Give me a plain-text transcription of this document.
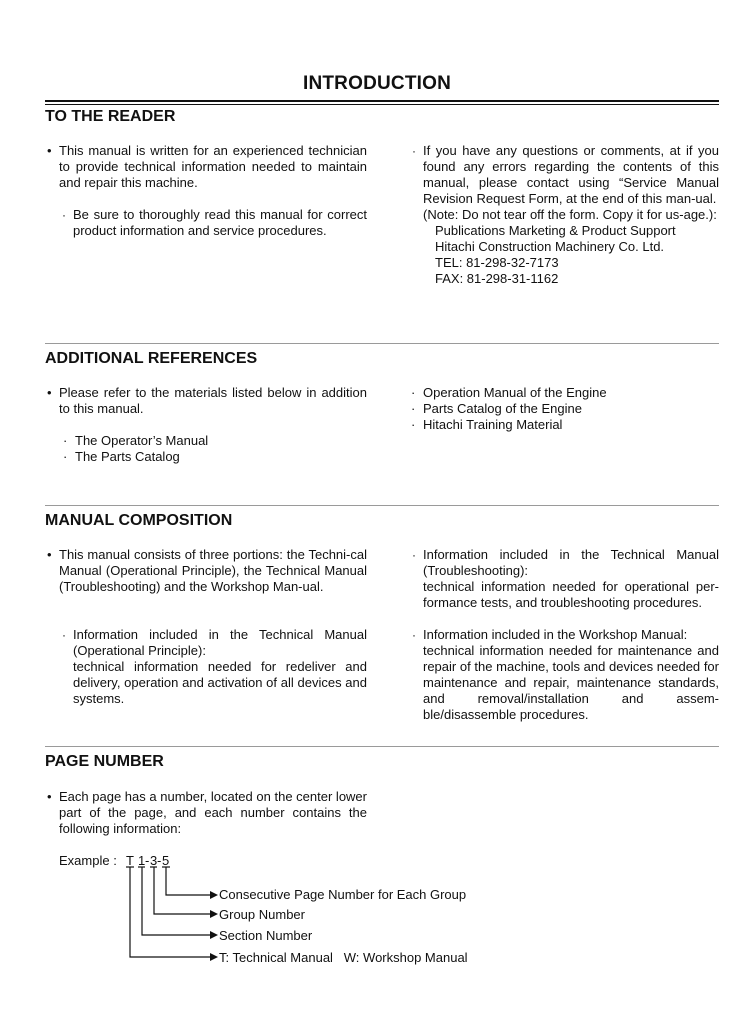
INTRODUCTION
TO THE READER

• This manual is written for an experienced technician to provide technical information needed to maintain and repair this machine.

· Be sure to thoroughly read this manual for correct product information and service procedures.

· If you have any questions or comments, at if you found any errors regarding the contents of this manual, please contact using “Service Manual Revision Request Form, at the end of this man-ual.

(Note: Do not tear off the form. Copy it for us-age.):

Publications Marketing & Product Support

Hitachi Construction Machinery Co. Ltd.

TEL: 81-298-32-7173

FAX: 81-298-31-1162

ADDITIONAL REFERENCES

• Please refer to the materials listed below in addition to this manual.

· The Operator’s Manual
· The Parts Catalog
· Operation Manual of the Engine
· Parts Catalog of the Engine
· Hitachi Training Material
MANUAL COMPOSITION

• This manual consists of three portions: the Techni-cal Manual (Operational Principle), the Technical Manual (Troubleshooting) and the Workshop Man-ual.

· Information included in the Technical Manual (Operational Principle):

technical information needed for redeliver and delivery, operation and activation of all devices and systems.

· Information included in the Technical Manual (Troubleshooting):

technical information needed for operational per-formance tests, and troubleshooting procedures.

· Information included in the Workshop Manual:

technical information needed for maintenance and repair of the machine, tools and devices needed for maintenance and repair, maintenance standards, and removal/installation and assem-ble/disassemble procedures.

PAGE NUMBER

• Each page has a number, located on the center lower part of the page, and each number contains the following information:

Example : T 1 - 3 - 5
Consecutive Page Number for Each Group
Group Number
Section Number
T: Technical Manual   W: Workshop Manual
